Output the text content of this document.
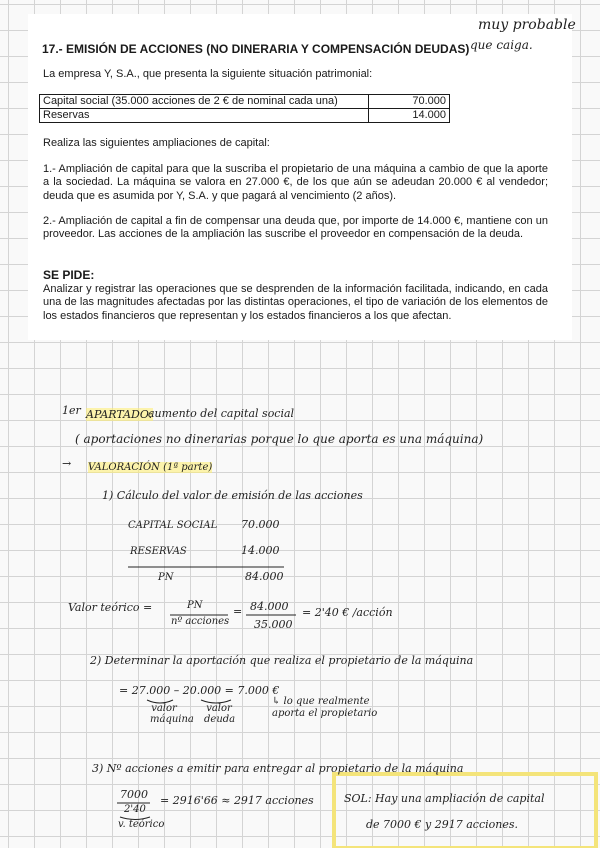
17.- EMISIÓN DE ACCIONES (NO DINERARIA Y COMPENSACIÓN DEUDAS)
La empresa Y, S.A., que presenta la siguiente situación patrimonial:
Capital social (35.000 acciones de 2 € de nominal cada una)	70.000
Reservas	14.000
Realiza las siguientes ampliaciones de capital:
1.- Ampliación de capital para que la suscriba el propietario de una máquina a cambio de que la aporte a la sociedad. La máquina se valora en 27.000 €, de los que aún se adeudan 20.000 € al vendedor; deuda que es asumida por Y, S.A. y que pagará al vencimiento (2 años).
2.- Ampliación de capital a fin de compensar una deuda que, por importe de 14.000 €, mantiene con un proveedor. Las acciones de la ampliación las suscribe el proveedor en compensación de la deuda.
SE PIDE:
Analizar y registrar las operaciones que se desprenden de la información facilitada, indicando, en cada una de las magnitudes afectadas por las distintas operaciones, el tipo de variación de los elementos de los estados financieros que representan y los estados financieros a los que afectan.
muy probable
que caiga.
1er APARTADO:
aumento del capital social
( aportaciones no dinerarias porque lo que aporta es una máquina)
→ VALORACIÓN (1ª parte)
1) Cálculo del valor de emisión de las acciones
CAPITAL SOCIAL 70.000
RESERVAS	14.000
PN	84.000
Valor teórico =	PN
nº acciones
= 84.000
35.000
= 2'40 € /acción
2) Determinar la aportación que realiza el propietario de la máquina
= 27.000 – 20.000 = 7.000 €
valor máquina
valor deuda
↳ lo que realmente aporta el propietario
3) Nº acciones a emitir para entregar al propietario de la máquina
7000
2'40
= 2916'66 ≈ 2917 acciones
v. teórico
SOL: Hay una ampliación de capital
de 7000 € y 2917 acciones.
